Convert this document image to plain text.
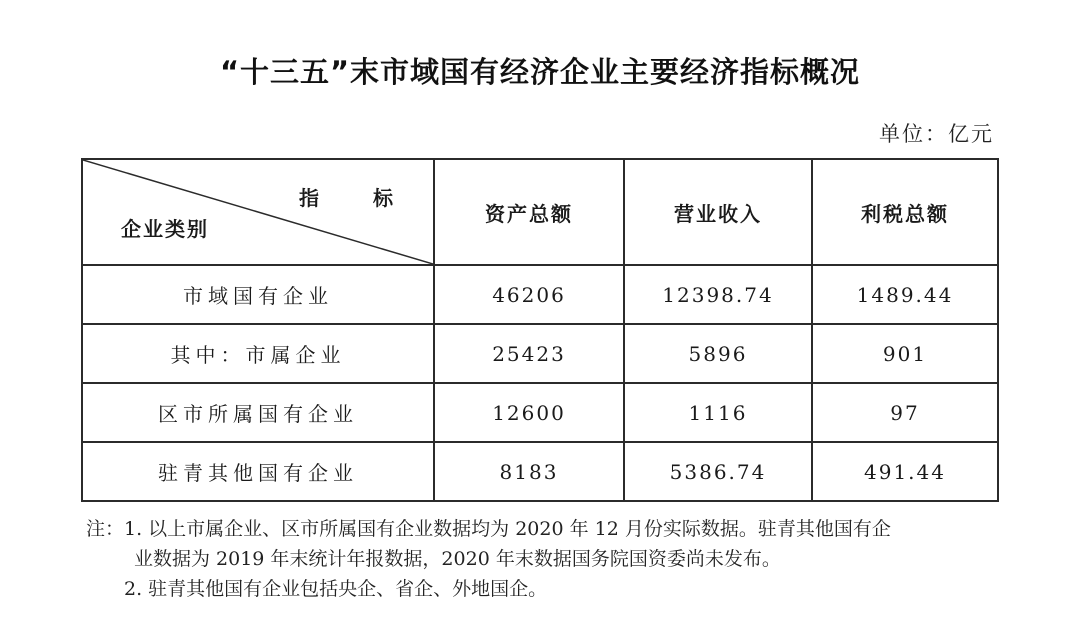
“十三五”末市域国有经济企业主要经济指标概况
单位：亿元
指 标
企业类别	资产总额	营业收入	利税总额
市域国有企业	46206	12398.74	1489.44
其中：市属企业	25423	5896	901
区市所属国有企业	12600	1116	97
驻青其他国有企业	8183	5386.74	491.44
注：1. 以上市属企业、区市所属国有企业数据均为 2020 年 12 月份实际数据。驻青其他国有企
业数据为 2019 年末统计年报数据，2020 年末数据国务院国资委尚未发布。
2. 驻青其他国有企业包括央企、省企、外地国企。
